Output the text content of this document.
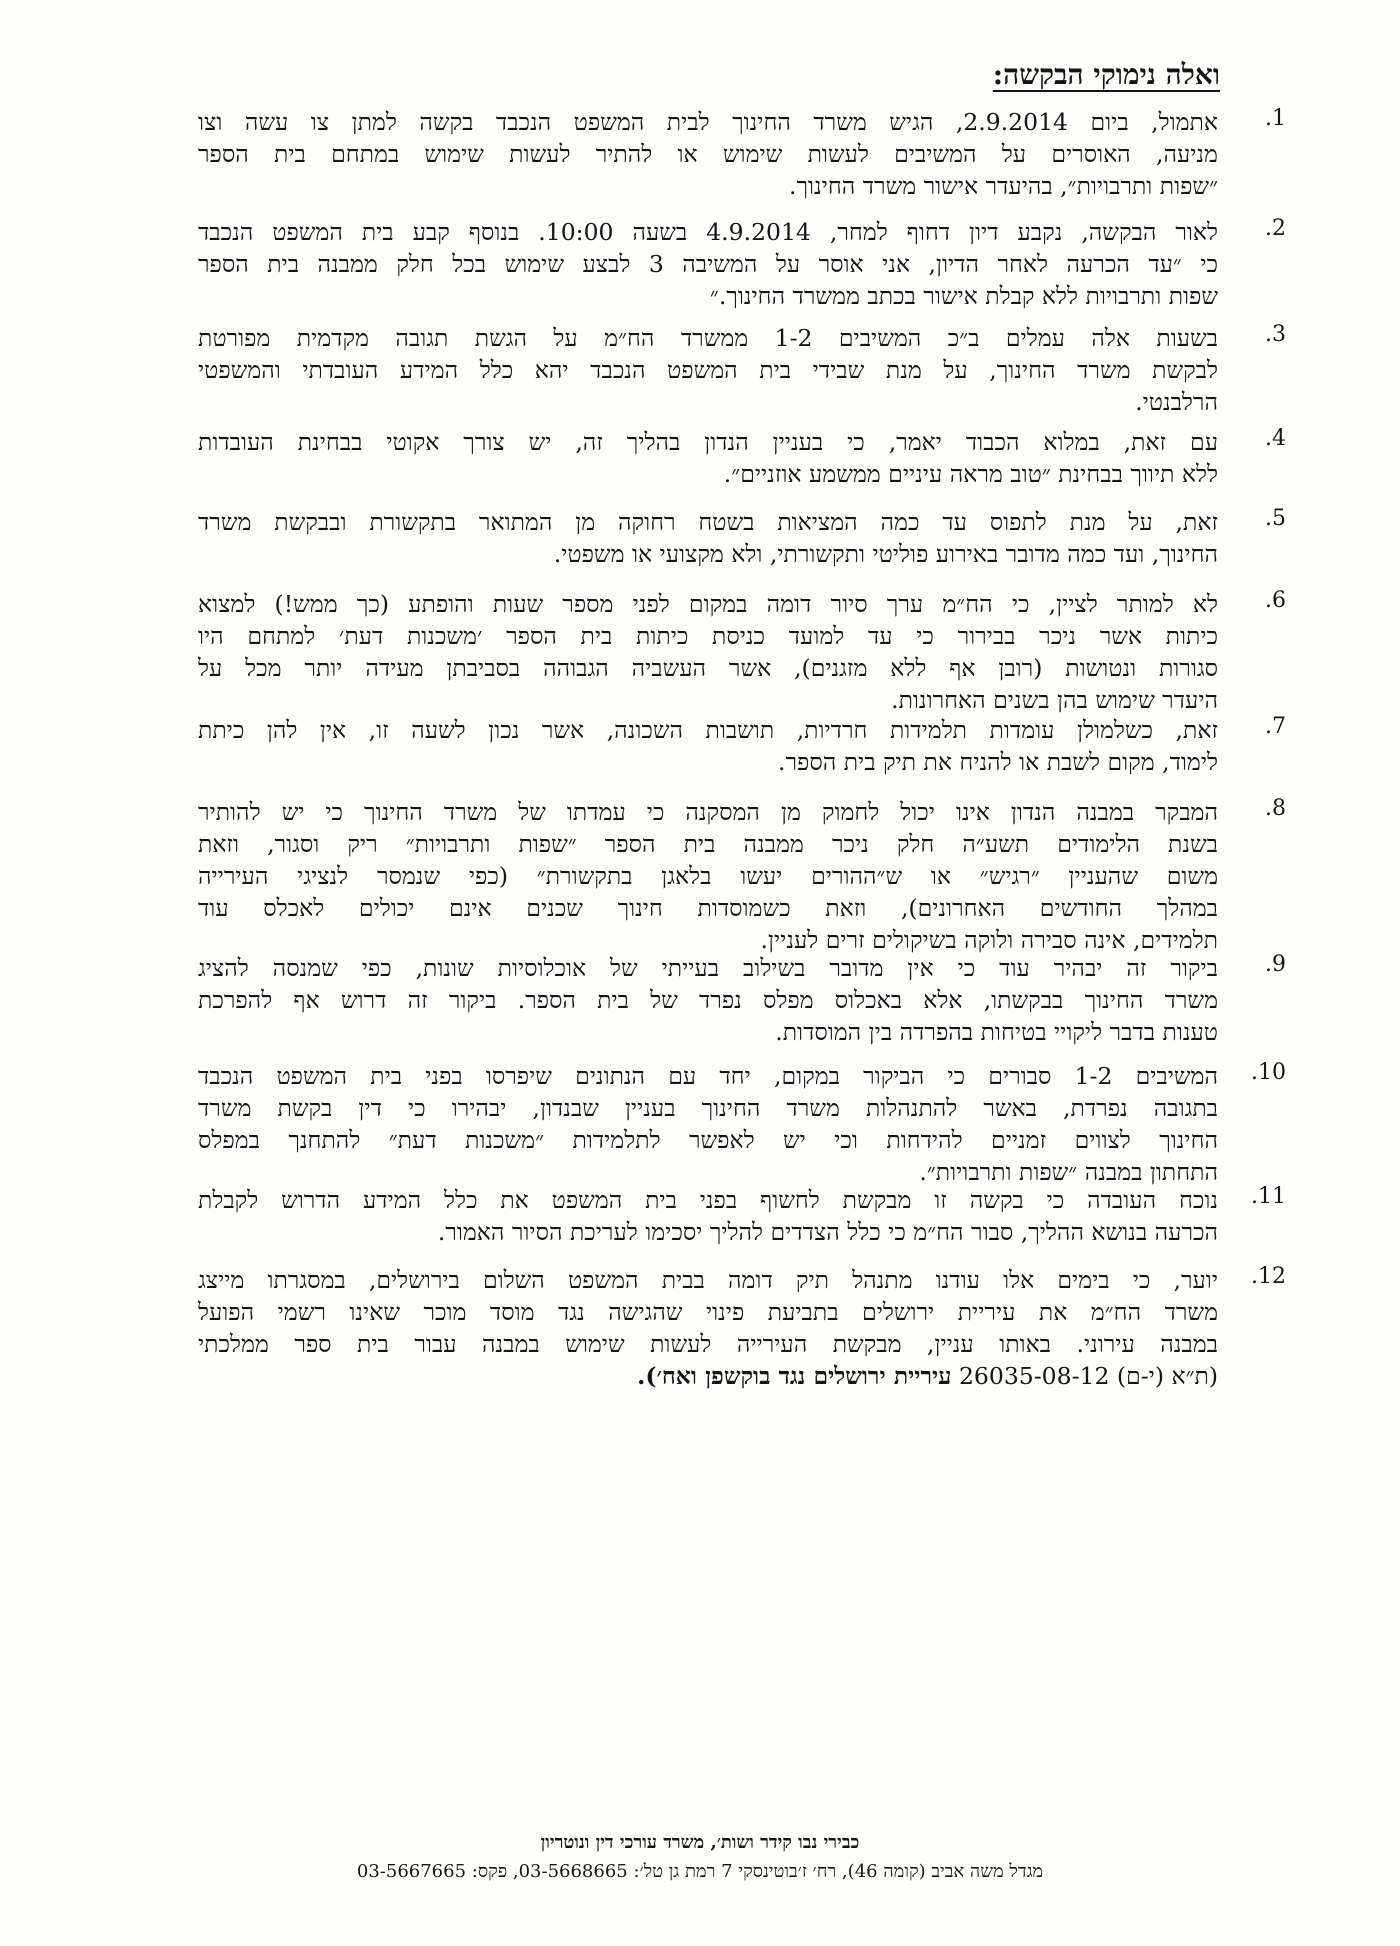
ואלה נימוקי הבקשה:
.1
אתמול, ביום 2.9.2014, הגיש משרד החינוך לבית המשפט הנכבד בקשה למתן צו עשה וצו
מניעה, האוסרים על המשיבים לעשות שימוש או להתיר לעשות שימוש במתחם בית הספר
״שפות ותרבויות״, בהיעדר אישור משרד החינוך.
.2
לאור הבקשה, נקבע דיון דחוף למחר, 4.9.2014 בשעה 10:00. בנוסף קבע בית המשפט הנכבד
כי ״עד הכרעה לאחר הדיון, אני אוסר על המשיבה 3 לבצע שימוש בכל חלק ממבנה בית הספר
שפות ותרבויות ללא קבלת אישור בכתב ממשרד החינוך.״
.3
בשעות אלה עמלים ב״כ המשיבים 1-2 ממשרד הח״מ על הגשת תגובה מקדמית מפורטת
לבקשת משרד החינוך, על מנת שבידי בית המשפט הנכבד יהא כלל המידע העובדתי והמשפטי
הרלבנטי.
.4
עם זאת, במלוא הכבוד יאמר, כי בעניין הנדון בהליך זה, יש צורך אקוטי בבחינת העובדות
ללא תיווך בבחינת ״טוב מראה עיניים ממשמע אוזניים״.
.5
זאת, על מנת לתפוס עד כמה המציאות בשטח רחוקה מן המתואר בתקשורת ובבקשת משרד
החינוך, ועד כמה מדובר באירוע פוליטי ותקשורתי, ולא מקצועי או משפטי.
.6
לא למותר לציין, כי הח״מ ערך סיור דומה במקום לפני מספר שעות והופתע (כך ממש!) למצוא
כיתות אשר ניכר בבירור כי עד למועד כניסת כיתות בית הספר ׳משכנות דעת׳ למתחם היו
סגורות ונטושות (רובן אף ללא מזגנים), אשר העשביה הגבוהה בסביבתן מעידה יותר מכל על
היעדר שימוש בהן בשנים האחרונות.
.7
זאת, כשלמולן עומדות תלמידות חרדיות, תושבות השכונה, אשר נכון לשעה זו, אין להן כיתת
לימוד, מקום לשבת או להניח את תיק בית הספר.
.8
המבקר במבנה הנדון אינו יכול לחמוק מן המסקנה כי עמדתו של משרד החינוך כי יש להותיר
בשנת הלימודים תשע״ה חלק ניכר ממבנה בית הספר ״שפות ותרבויות״ ריק וסגור, וזאת
משום שהעניין ״רגיש״ או ש״ההורים יעשו בלאגן בתקשורת״ (כפי שנמסר לנציגי העירייה
במהלך החודשים האחרונים), וזאת כשמוסדות חינוך שכנים אינם יכולים לאכלס עוד
תלמידים, אינה סבירה ולוקה בשיקולים זרים לעניין.
.9
ביקור זה יבהיר עוד כי אין מדובר בשילוב בעייתי של אוכלוסיות שונות, כפי שמנסה להציג
משרד החינוך בבקשתו, אלא באכלוס מפלס נפרד של בית הספר. ביקור זה דרוש אף להפרכת
טענות בדבר ליקויי בטיחות בהפרדה בין המוסדות.
.10
המשיבים 1-2 סבורים כי הביקור במקום, יחד עם הנתונים שיפרסו בפני בית המשפט הנכבד
בתגובה נפרדת, באשר להתנהלות משרד החינוך בעניין שבנדון, יבהירו כי דין בקשת משרד
החינוך לצווים זמניים להידחות וכי יש לאפשר לתלמידות ״משכנות דעת״ להתחנך במפלס
התחתון במבנה ״שפות ותרבויות״.
.11
נוכח העובדה כי בקשה זו מבקשת לחשוף בפני בית המשפט את כלל המידע הדרוש לקבלת
הכרעה בנושא ההליך, סבור הח״מ כי כלל הצדדים להליך יסכימו לעריכת הסיור האמור.
.12
יוער, כי בימים אלו עודנו מתנהל תיק דומה בבית המשפט השלום בירושלים, במסגרתו מייצג
משרד הח״מ את עיריית ירושלים בתביעת פינוי שהגישה נגד מוסד מוכר שאינו רשמי הפועל
במבנה עירוני. באותו עניין, מבקשת העירייה לעשות שימוש במבנה עבור בית ספר ממלכתי
(ת״א (י-ם) 26035-08-12 עיריית ירושלים נגד בוקשפן ואח׳).
כבירי נבו קידר ושות׳, משרד עורכי דין ונוטריון
מגדל משה אביב (קומה 46), רח׳ ז׳בוטינסקי 7 רמת גן טל׳: 03-5668665, פקס: 03-5667665
